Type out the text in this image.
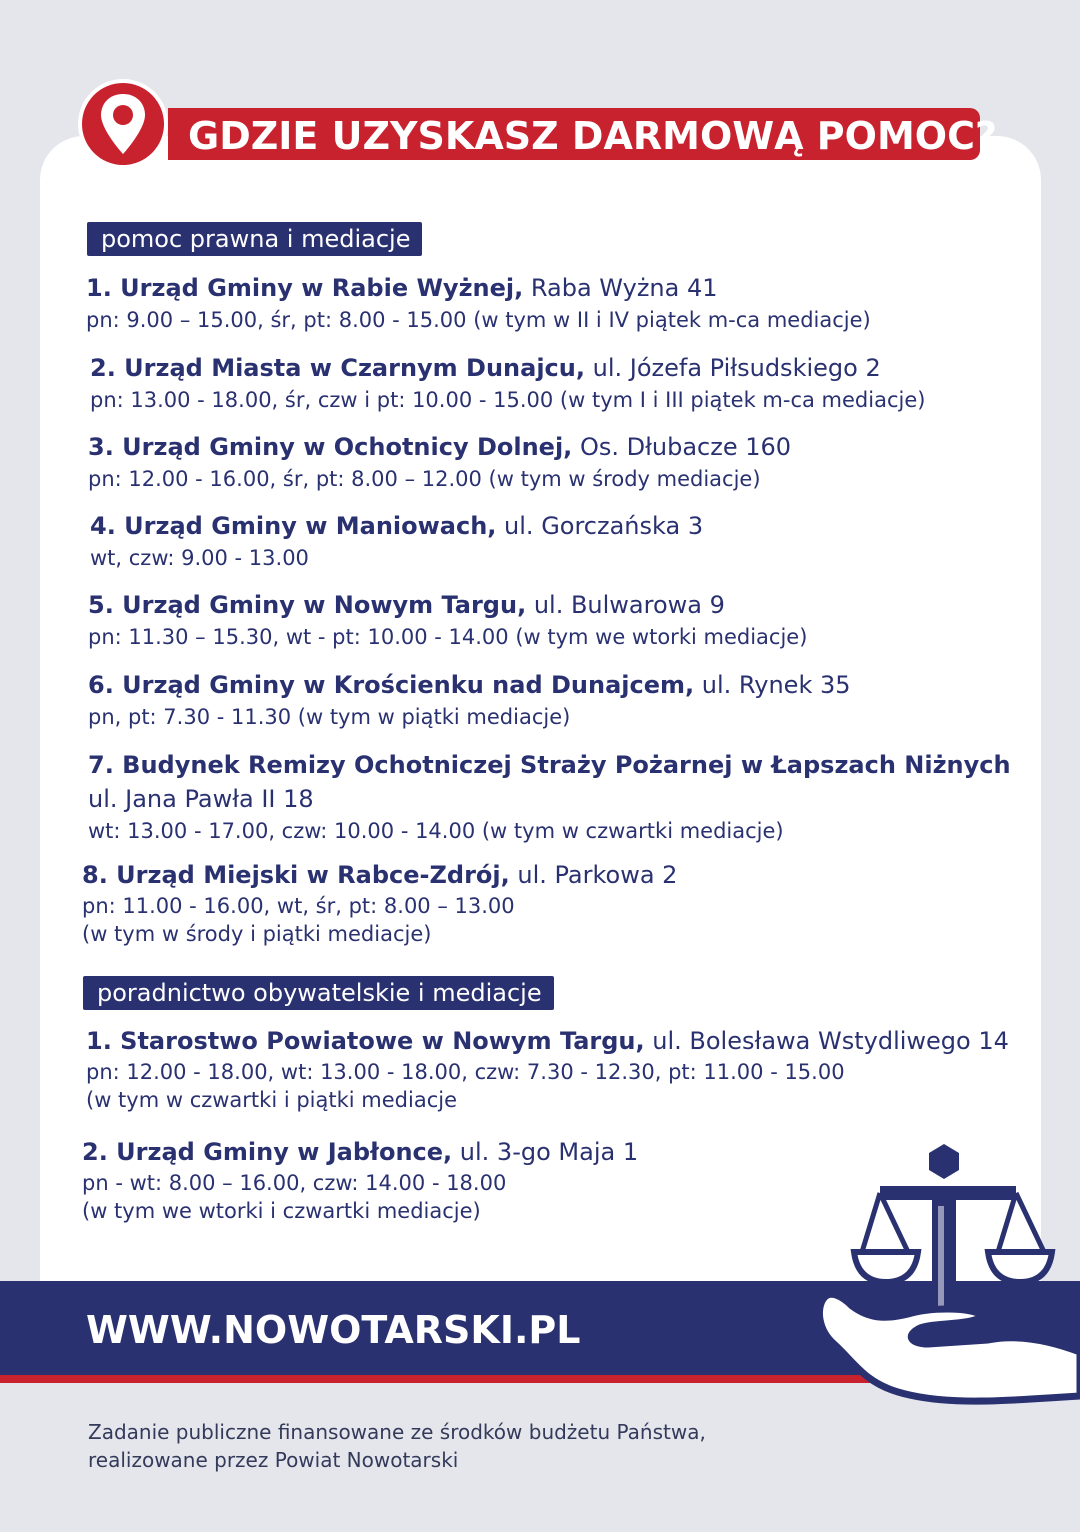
GDZIE UZYSKASZ DARMOWĄ POMOC?
pomoc prawna i mediacje
1. Urząd Gminy w Rabie Wyżnej, Raba Wyżna 41
pn: 9.00 – 15.00, śr, pt: 8.00 - 15.00 (w tym w II i IV piątek m-ca mediacje)
2. Urząd Miasta w Czarnym Dunajcu, ul. Józefa Piłsudskiego 2
pn: 13.00 - 18.00, śr, czw i pt: 10.00 - 15.00 (w tym I i III piątek m-ca mediacje)
3. Urząd Gminy w Ochotnicy Dolnej, Os. Dłubacze 160
pn: 12.00 - 16.00, śr, pt: 8.00 – 12.00 (w tym w środy mediacje)
4. Urząd Gminy w Maniowach, ul. Gorczańska 3
wt, czw: 9.00 - 13.00
5. Urząd Gminy w Nowym Targu, ul. Bulwarowa 9
pn: 11.30 – 15.30, wt - pt: 10.00 - 14.00 (w tym we wtorki mediacje)
6. Urząd Gminy w Krościenku nad Dunajcem, ul. Rynek 35
pn, pt: 7.30 - 11.30 (w tym w piątki mediacje)
7. Budynek Remizy Ochotniczej Straży Pożarnej w Łapszach Niżnych
ul. Jana Pawła II 18
wt: 13.00 - 17.00, czw: 10.00 - 14.00 (w tym w czwartki mediacje)
8. Urząd Miejski w Rabce-Zdrój, ul. Parkowa 2
pn: 11.00 - 16.00, wt, śr, pt: 8.00 – 13.00
(w tym w środy i piątki mediacje)
poradnictwo obywatelskie i mediacje
1. Starostwo Powiatowe w Nowym Targu, ul. Bolesława Wstydliwego 14
pn: 12.00 - 18.00, wt: 13.00 - 18.00, czw: 7.30 - 12.30, pt: 11.00 - 15.00
(w tym w czwartki i piątki mediacje
2. Urząd Gminy w Jabłonce, ul. 3-go Maja 1
pn - wt: 8.00 – 16.00, czw: 14.00 - 18.00
(w tym we wtorki i czwartki mediacje)
WWW.NOWOTARSKI.PL
Zadanie publiczne finansowane ze środków budżetu Państwa,
realizowane przez Powiat Nowotarski
